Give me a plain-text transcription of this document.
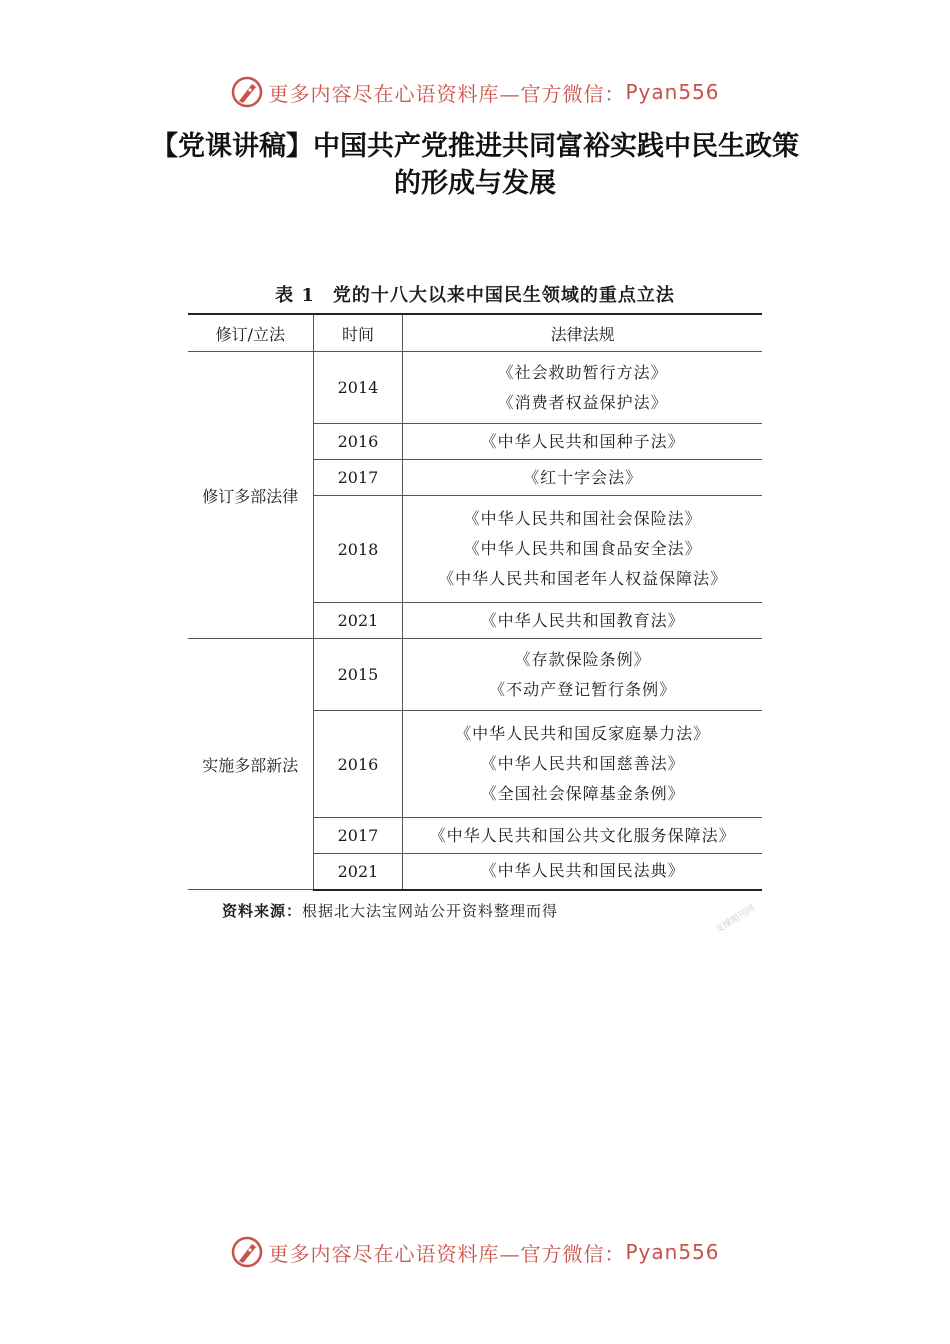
更多内容尽在心语资料库—官方微信： Pyan556
【党课讲稿】中国共产党推进共同富裕实践中民生政策
的形成与发展
表 1 党的十八大以来中国民生领域的重点立法
修订/立法	时间	法律法规
修订多部法律	2014	《社会救助暂行方法》
《消费者权益保护法》

	2016	《中华人民共和国种子法》

	2017	《红十字会法》

	2018	《中华人民共和国社会保险法》
《中华人民共和国食品安全法》
《中华人民共和国老年人权益保障法》

	2021	《中华人民共和国教育法》

实施多部新法	2015	《存款保险条例》
《不动产登记暂行条例》

	2016	《中华人民共和国反家庭暴力法》
《中华人民共和国慈善法》
《全国社会保障基金条例》

	2017	《中华人民共和国公共文化服务保障法》

	2021	《中华人民共和国民法典》
资料来源：根据北大法宝网站公开资料整理而得	支撑期刊网
更多内容尽在心语资料库—官方微信： Pyan556
